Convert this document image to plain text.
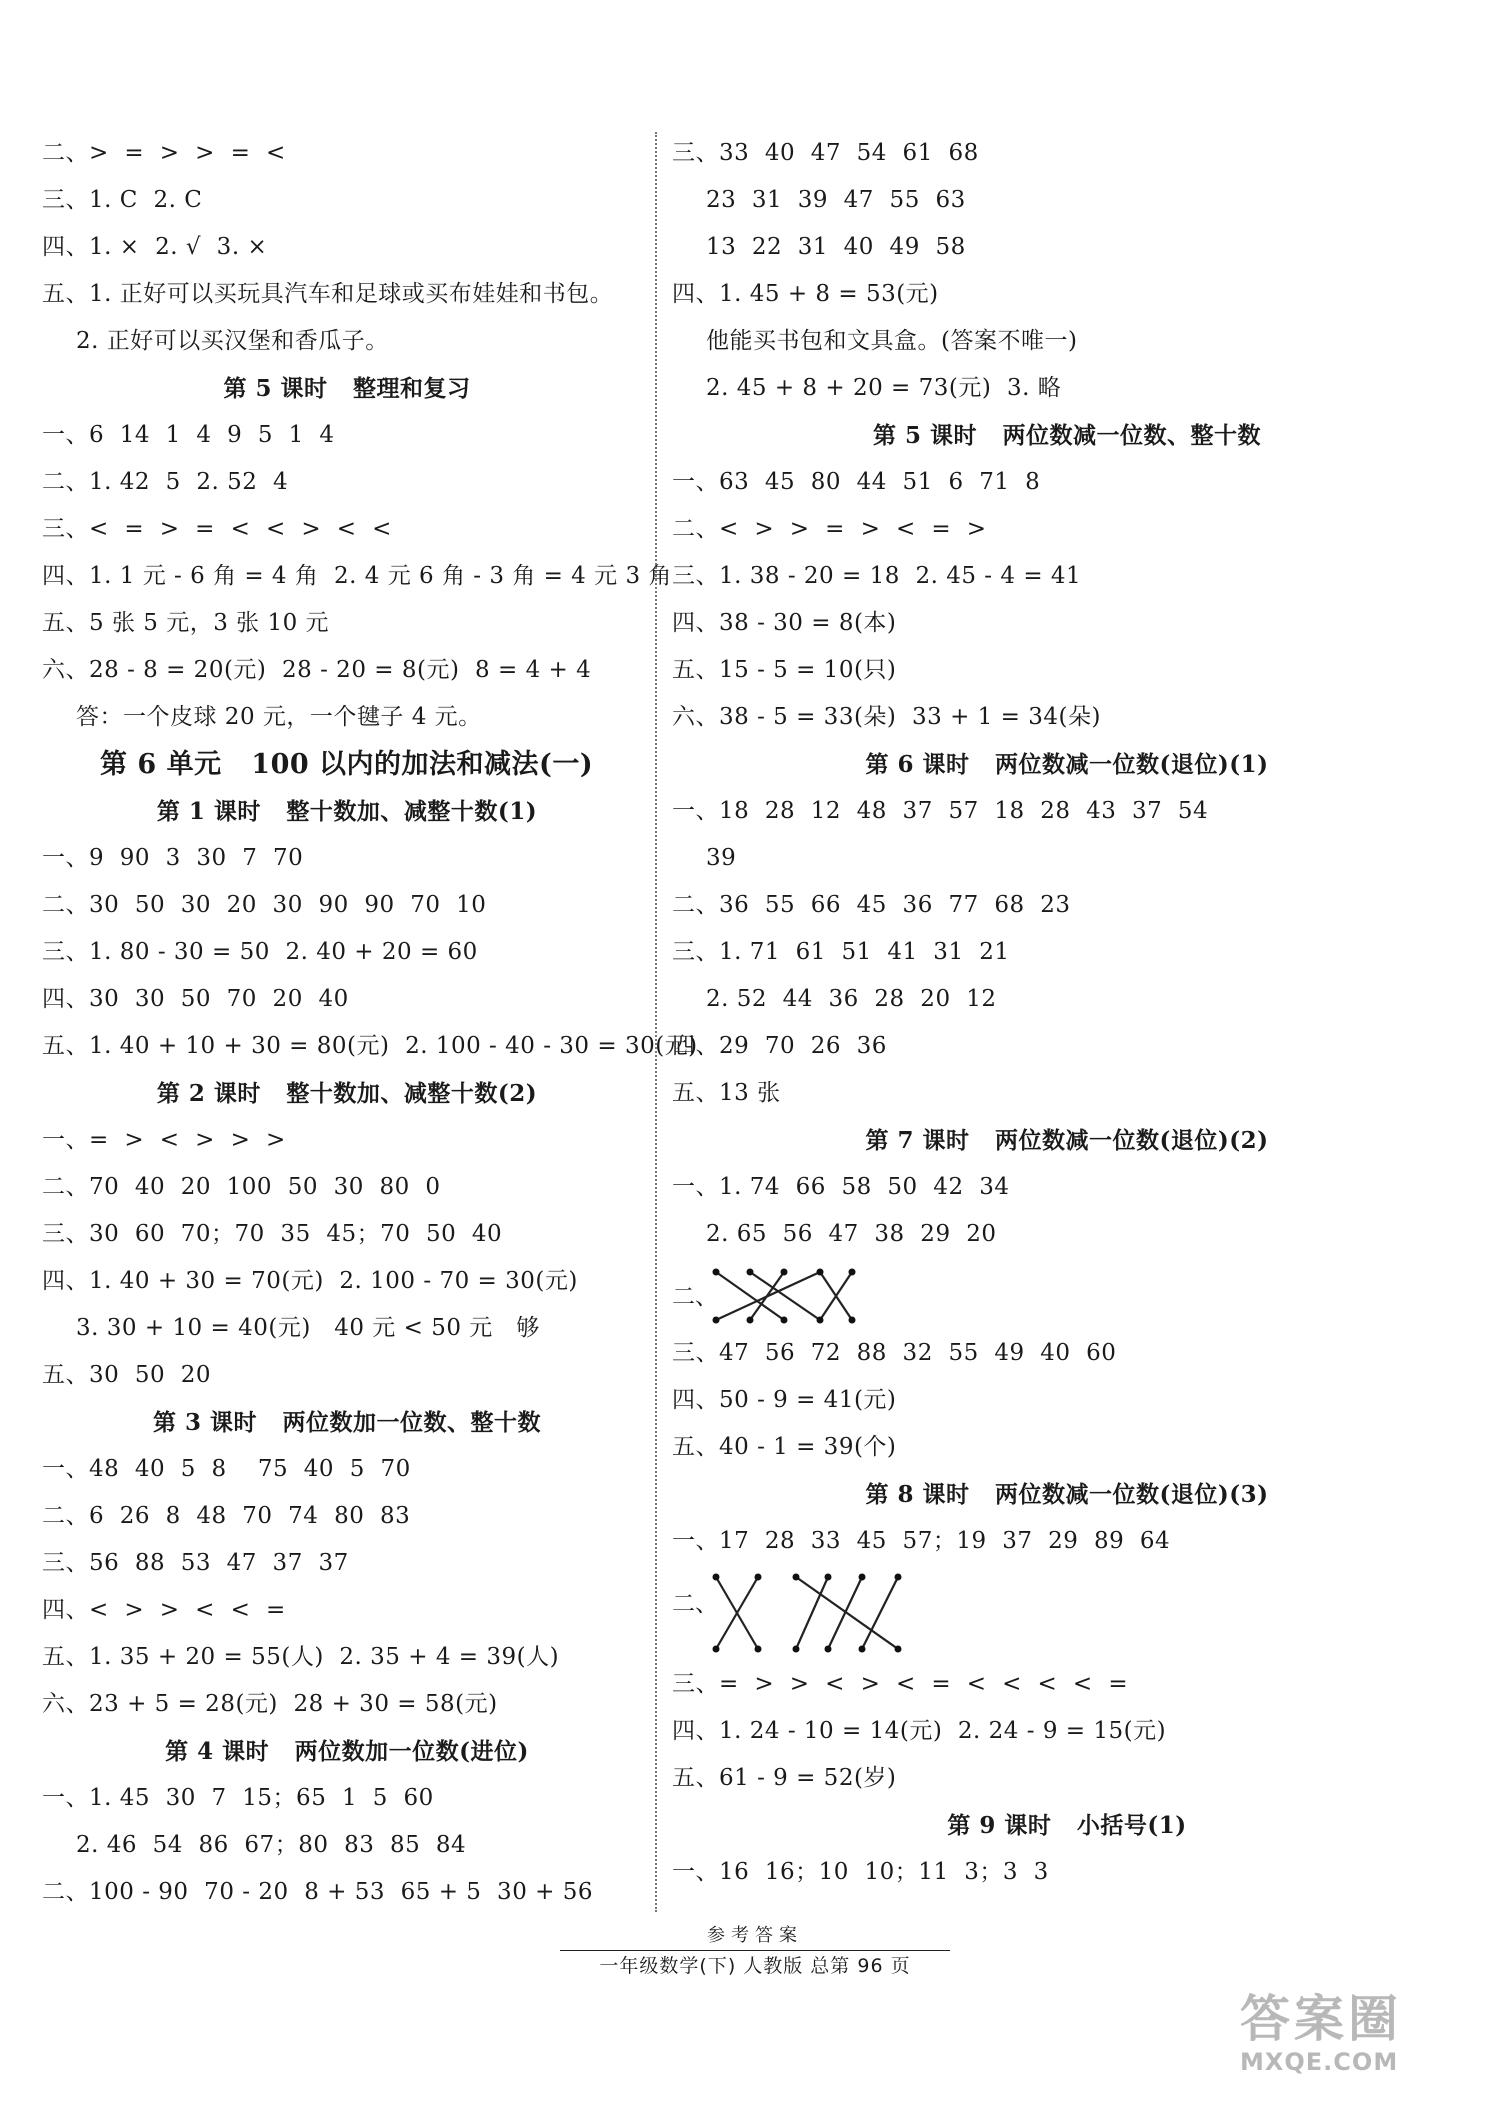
二、>  =  >  >  =  <
三、1. C  2. C
四、1. ×  2. √  3. ×
五、1. 正好可以买玩具汽车和足球或买布娃娃和书包。
2. 正好可以买汉堡和香瓜子。
第 5 课时   整理和复习
一、6  14  1  4  9  5  1  4
二、1. 42  5  2. 52  4
三、<  =  >  =  <  <  >  <  <
四、1. 1 元 - 6 角 = 4 角  2. 4 元 6 角 - 3 角 = 4 元 3 角
五、5 张 5 元，3 张 10 元
六、28 - 8 = 20(元)  28 - 20 = 8(元)  8 = 4 + 4
答：一个皮球 20 元，一个毽子 4 元。
第 6 单元   100 以内的加法和减法(一)
第 1 课时   整十数加、减整十数(1)
一、9  90  3  30  7  70
二、30  50  30  20  30  90  90  70  10
三、1. 80 - 30 = 50  2. 40 + 20 = 60
四、30  30  50  70  20  40
五、1. 40 + 10 + 30 = 80(元)  2. 100 - 40 - 30 = 30(元)
第 2 课时   整十数加、减整十数(2)
一、=  >  <  >  >  >
二、70  40  20  100  50  30  80  0
三、30  60  70；70  35  45；70  50  40
四、1. 40 + 30 = 70(元)  2. 100 - 70 = 30(元)
3. 30 + 10 = 40(元)   40 元 < 50 元   够
五、30  50  20
第 3 课时   两位数加一位数、整十数
一、48  40  5  8    75  40  5  70
二、6  26  8  48  70  74  80  83
三、56  88  53  47  37  37
四、<  >  >  <  <  =
五、1. 35 + 20 = 55(人)  2. 35 + 4 = 39(人)
六、23 + 5 = 28(元)  28 + 30 = 58(元)
第 4 课时   两位数加一位数(进位)
一、1. 45  30  7  15；65  1  5  60
2. 46  54  86  67；80  83  85  84
二、100 - 90  70 - 20  8 + 53  65 + 5  30 + 56
三、33  40  47  54  61  68
23  31  39  47  55  63
13  22  31  40  49  58
四、1. 45 + 8 = 53(元)
他能买书包和文具盒。(答案不唯一)
2. 45 + 8 + 20 = 73(元)  3. 略
第 5 课时   两位数减一位数、整十数
一、63  45  80  44  51  6  71  8
二、<  >  >  =  >  <  =  >
三、1. 38 - 20 = 18  2. 45 - 4 = 41
四、38 - 30 = 8(本)
五、15 - 5 = 10(只)
六、38 - 5 = 33(朵)  33 + 1 = 34(朵)
第 6 课时   两位数减一位数(退位)(1)
一、18  28  12  48  37  57  18  28  43  37  54
39
二、36  55  66  45  36  77  68  23
三、1. 71  61  51  41  31  21
2. 52  44  36  28  20  12
四、29  70  26  36
五、13 张
第 7 课时   两位数减一位数(退位)(2)
一、1. 74  66  58  50  42  34
2. 65  56  47  38  29  20
二、
三、47  56  72  88  32  55  49  40  60
四、50 - 9 = 41(元)
五、40 - 1 = 39(个)
第 8 课时   两位数减一位数(退位)(3)
一、17  28  33  45  57；19  37  29  89  64
二、
三、=  >  >  <  >  <  =  <  <  <  <  =
四、1. 24 - 10 = 14(元)  2. 24 - 9 = 15(元)
五、61 - 9 = 52(岁)
第 9 课时   小括号(1)
一、16  16；10  10；11  3；3  3
参考答案
一年级数学(下) 人教版 总第 96 页
答案圈
MXQE.COM
